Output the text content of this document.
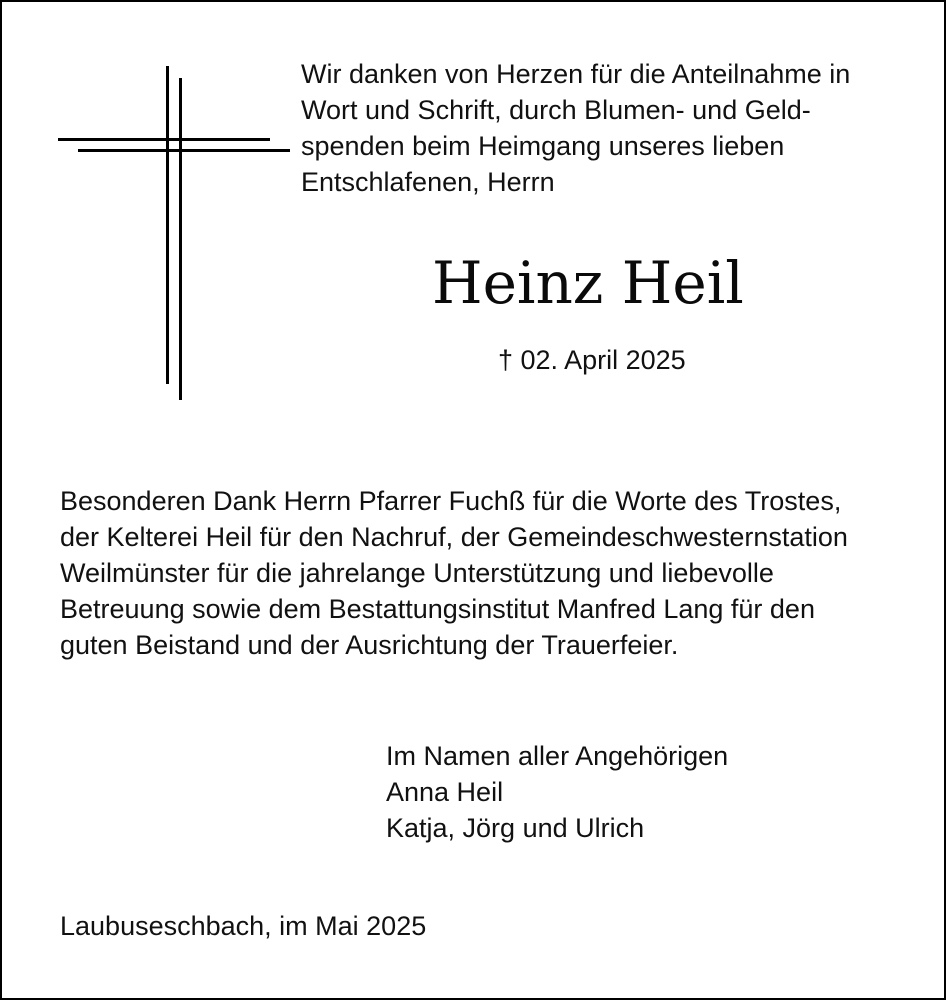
Wir danken von Herzen für die Anteilnahme in
Wort und Schrift, durch Blumen- und Geld-
spenden beim Heimgang unseres lieben
Entschlafenen, Herrn
Heinz Heil
† 02. April 2025
Besonderen Dank Herrn Pfarrer Fuchß für die Worte des Trostes,
der Kelterei Heil für den Nachruf, der Gemeindeschwesternstation
Weilmünster für die jahrelange Unterstützung und liebevolle
Betreuung sowie dem Bestattungsinstitut Manfred Lang für den
guten Beistand und der Ausrichtung der Trauerfeier.
Im Namen aller Angehörigen
Anna Heil
Katja, Jörg und Ulrich
Laubuseschbach, im Mai 2025
